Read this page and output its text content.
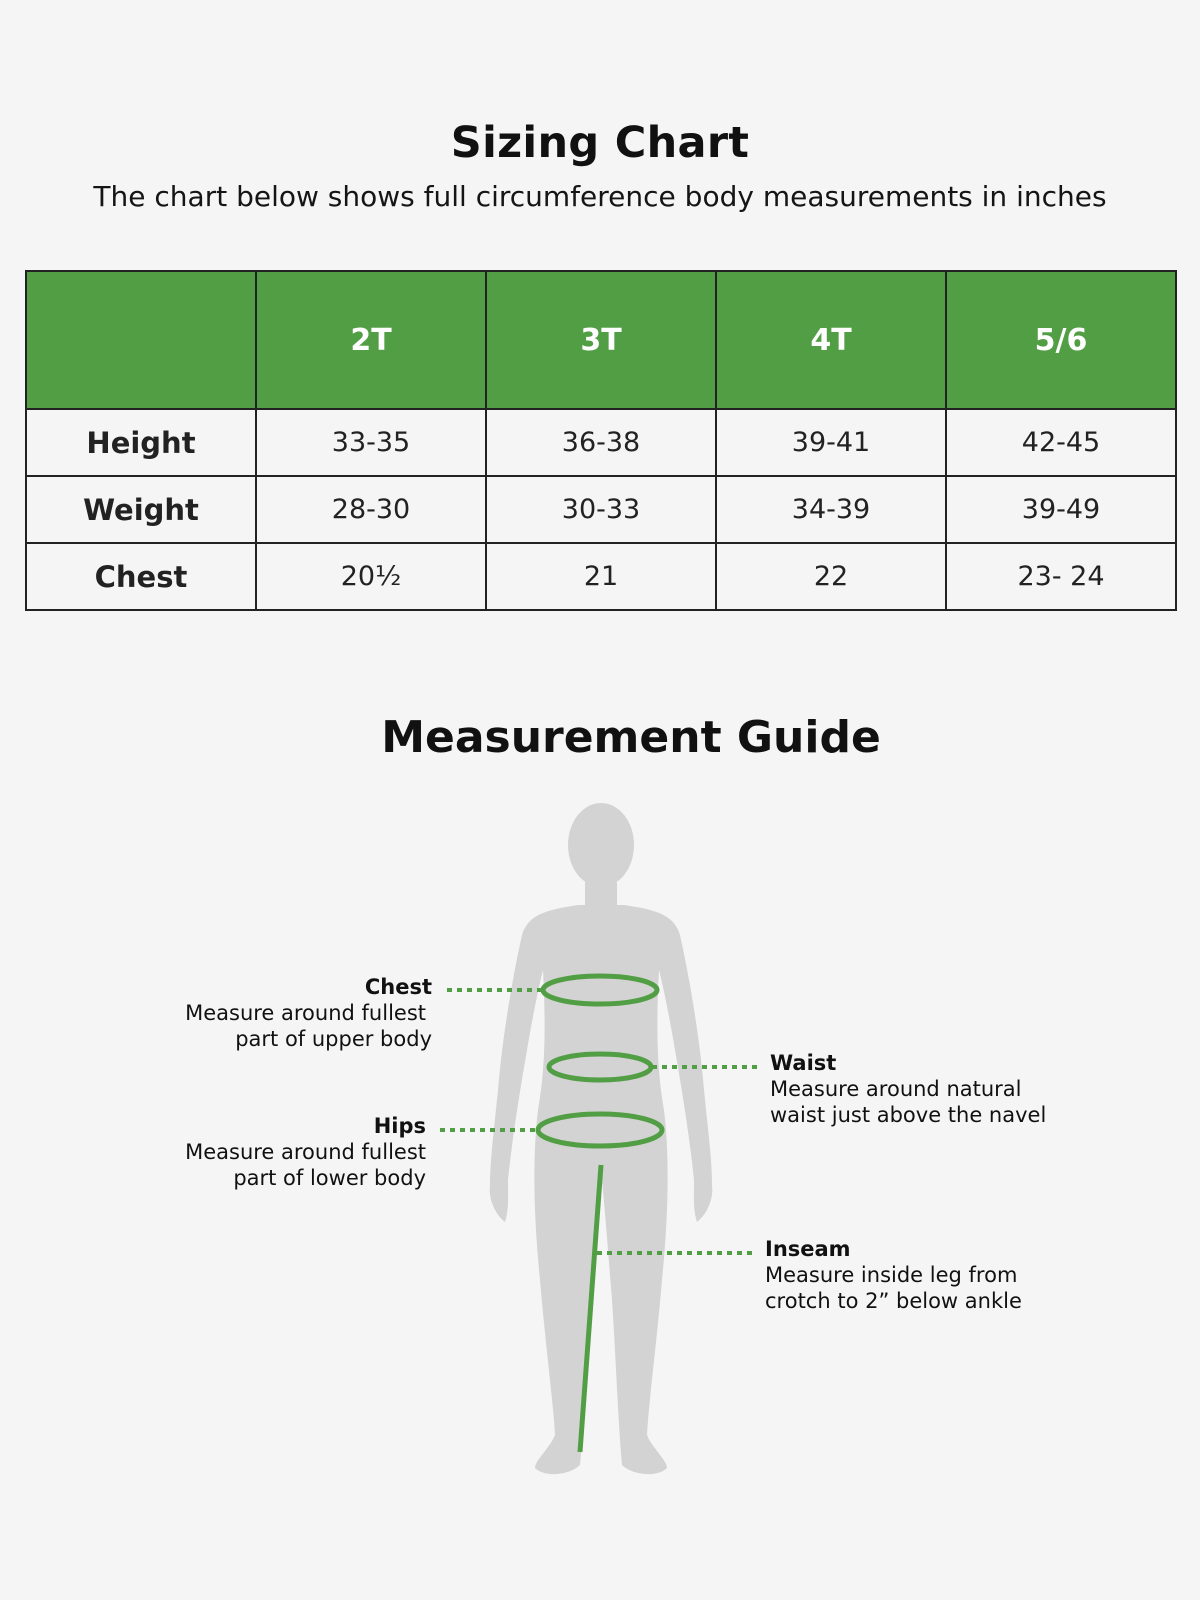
Sizing Chart
The chart below shows full circumference body measurements in inches
	2T	3T	4T	5/6
Height	33-35	36-38	39-41	42-45
Weight	28-30	30-33	34-39	39-49
Chest	20½	21	22	23- 24
Measurement Guide
Chest
Measure around fullest
part of upper body
Waist
Measure around natural
waist just above the navel
Hips
Measure around fullest
part of lower body
Inseam
Measure inside leg from
crotch to 2” below ankle
